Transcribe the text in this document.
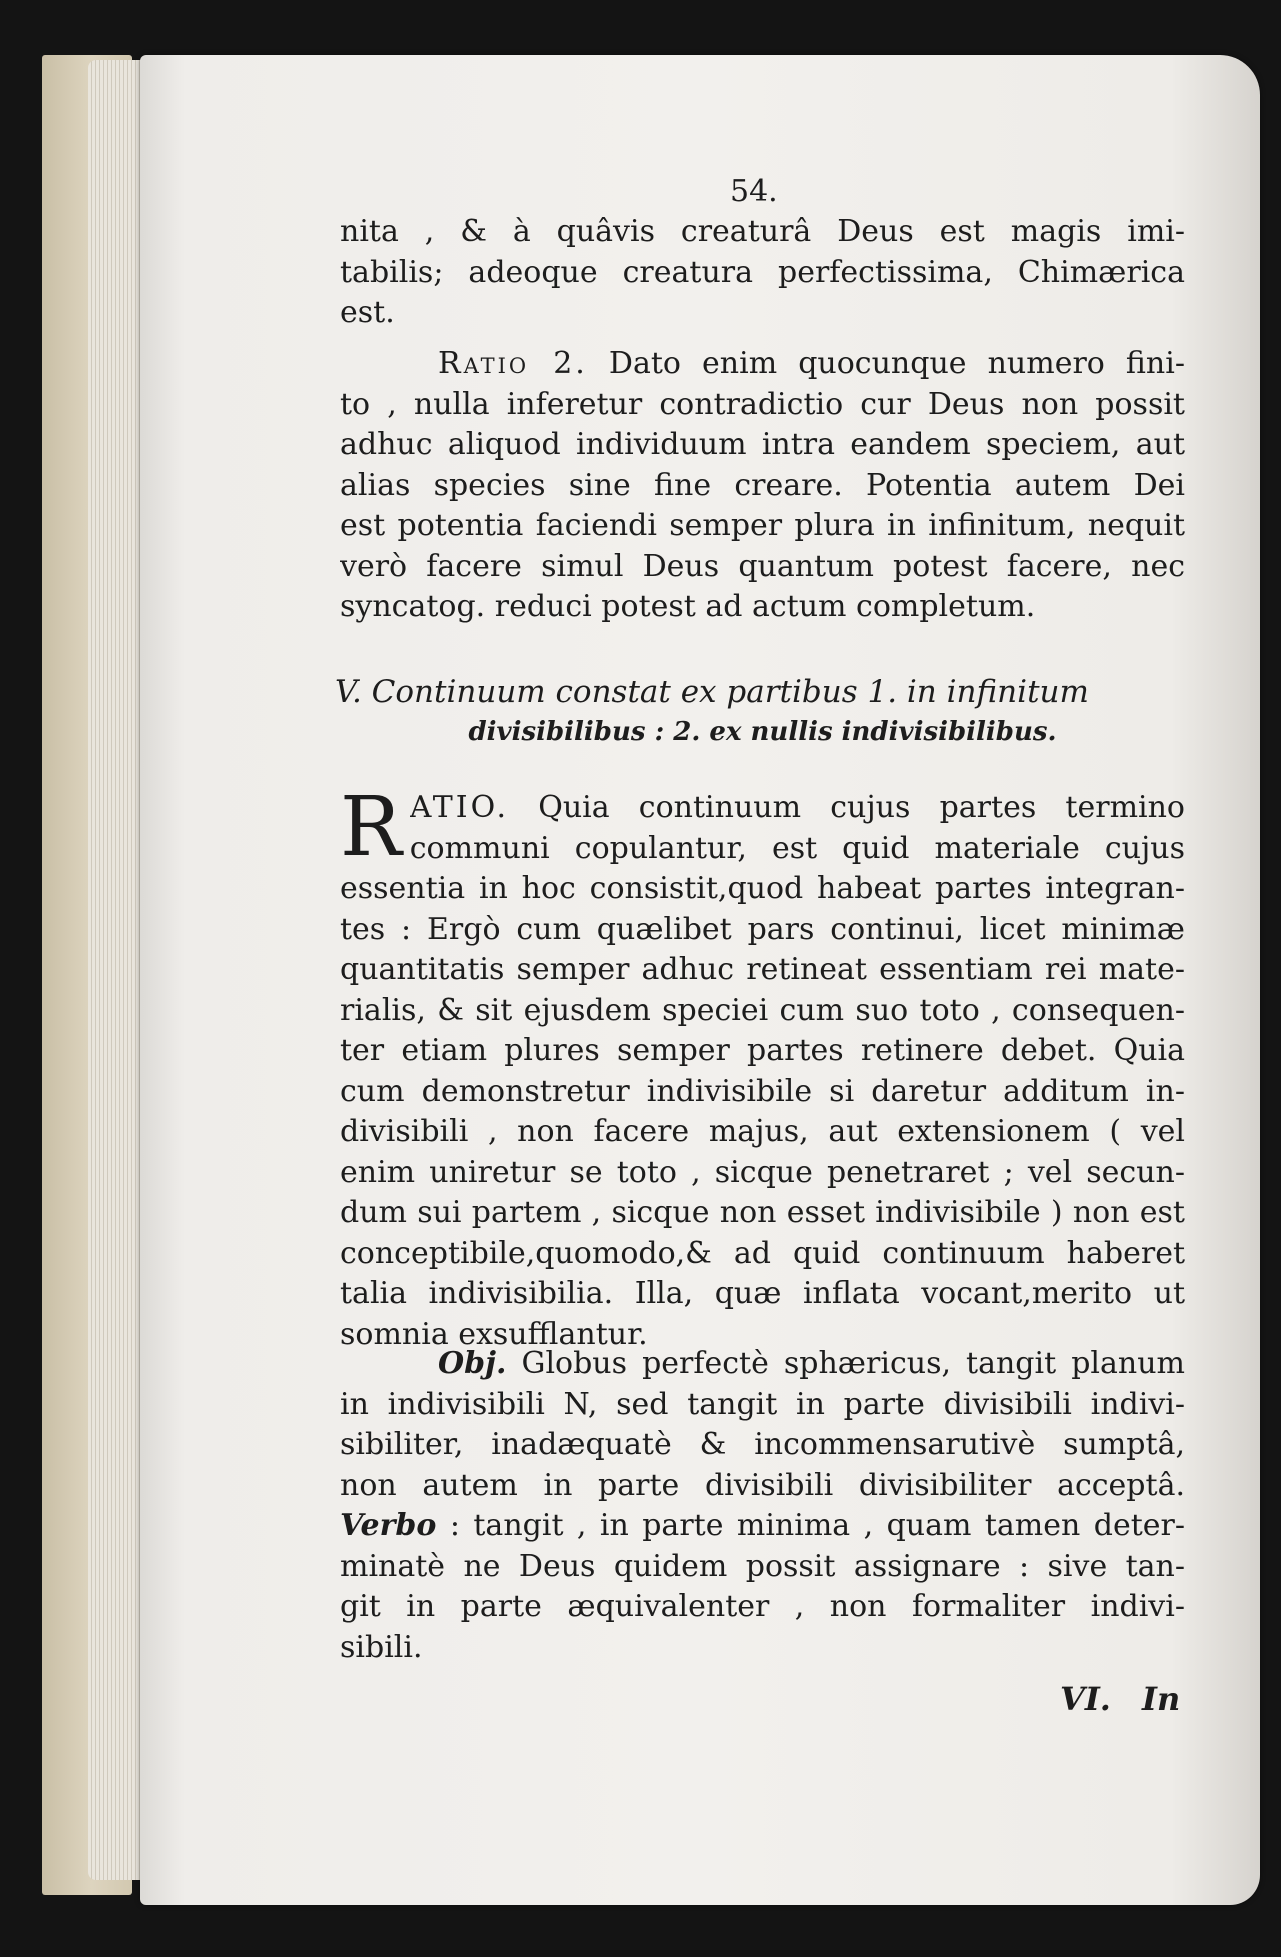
54.
nita , & à quâvis creaturâ Deus est magis imi-
tabilis; adeoque creatura perfectissima, Chimærica
est.
Ratio 2. Dato enim quocunque numero fini-
to , nulla inferetur contradictio cur Deus non possit
adhuc aliquod individuum intra eandem speciem, aut
alias species sine fine creare. Potentia autem Dei
est potentia faciendi semper plura in infinitum, nequit
verò facere simul Deus quantum potest facere, nec
syncatog. reduci potest ad actum completum.
V. Continuum constat ex partibus 1. in infinitum
divisibilibus : 2. ex nullis indivisibilibus.
R ATIO. Quia continuum cujus partes termino
communi copulantur, est quid materiale cujus
essentia in hoc consistit,quod habeat partes integran-
tes : Ergò cum quælibet pars continui, licet minimæ
quantitatis semper adhuc retineat essentiam rei mate-
rialis, & sit ejusdem speciei cum suo toto , consequen-
ter etiam plures semper partes retinere debet. Quia
cum demonstretur indivisibile si daretur additum in-
divisibili , non facere majus, aut extensionem ( vel
enim uniretur se toto , sicque penetraret ; vel secun-
dum sui partem , sicque non esset indivisibile ) non est
conceptibile,quomodo,& ad quid continuum haberet
talia indivisibilia. Illa, quæ inflata vocant,merito ut
somnia exsufflantur.
Obj. Globus perfectè sphæricus, tangit planum
in indivisibili N, sed tangit in parte divisibili indivi-
sibiliter, inadæquatè & incommensarutivè sumptâ,
non autem in parte divisibili divisibiliter acceptâ.
Verbo : tangit , in parte minima , quam tamen deter-
minatè ne Deus quidem possit assignare : sive tan-
git in parte æquivalenter , non formaliter indivi-
sibili.
VI. In
